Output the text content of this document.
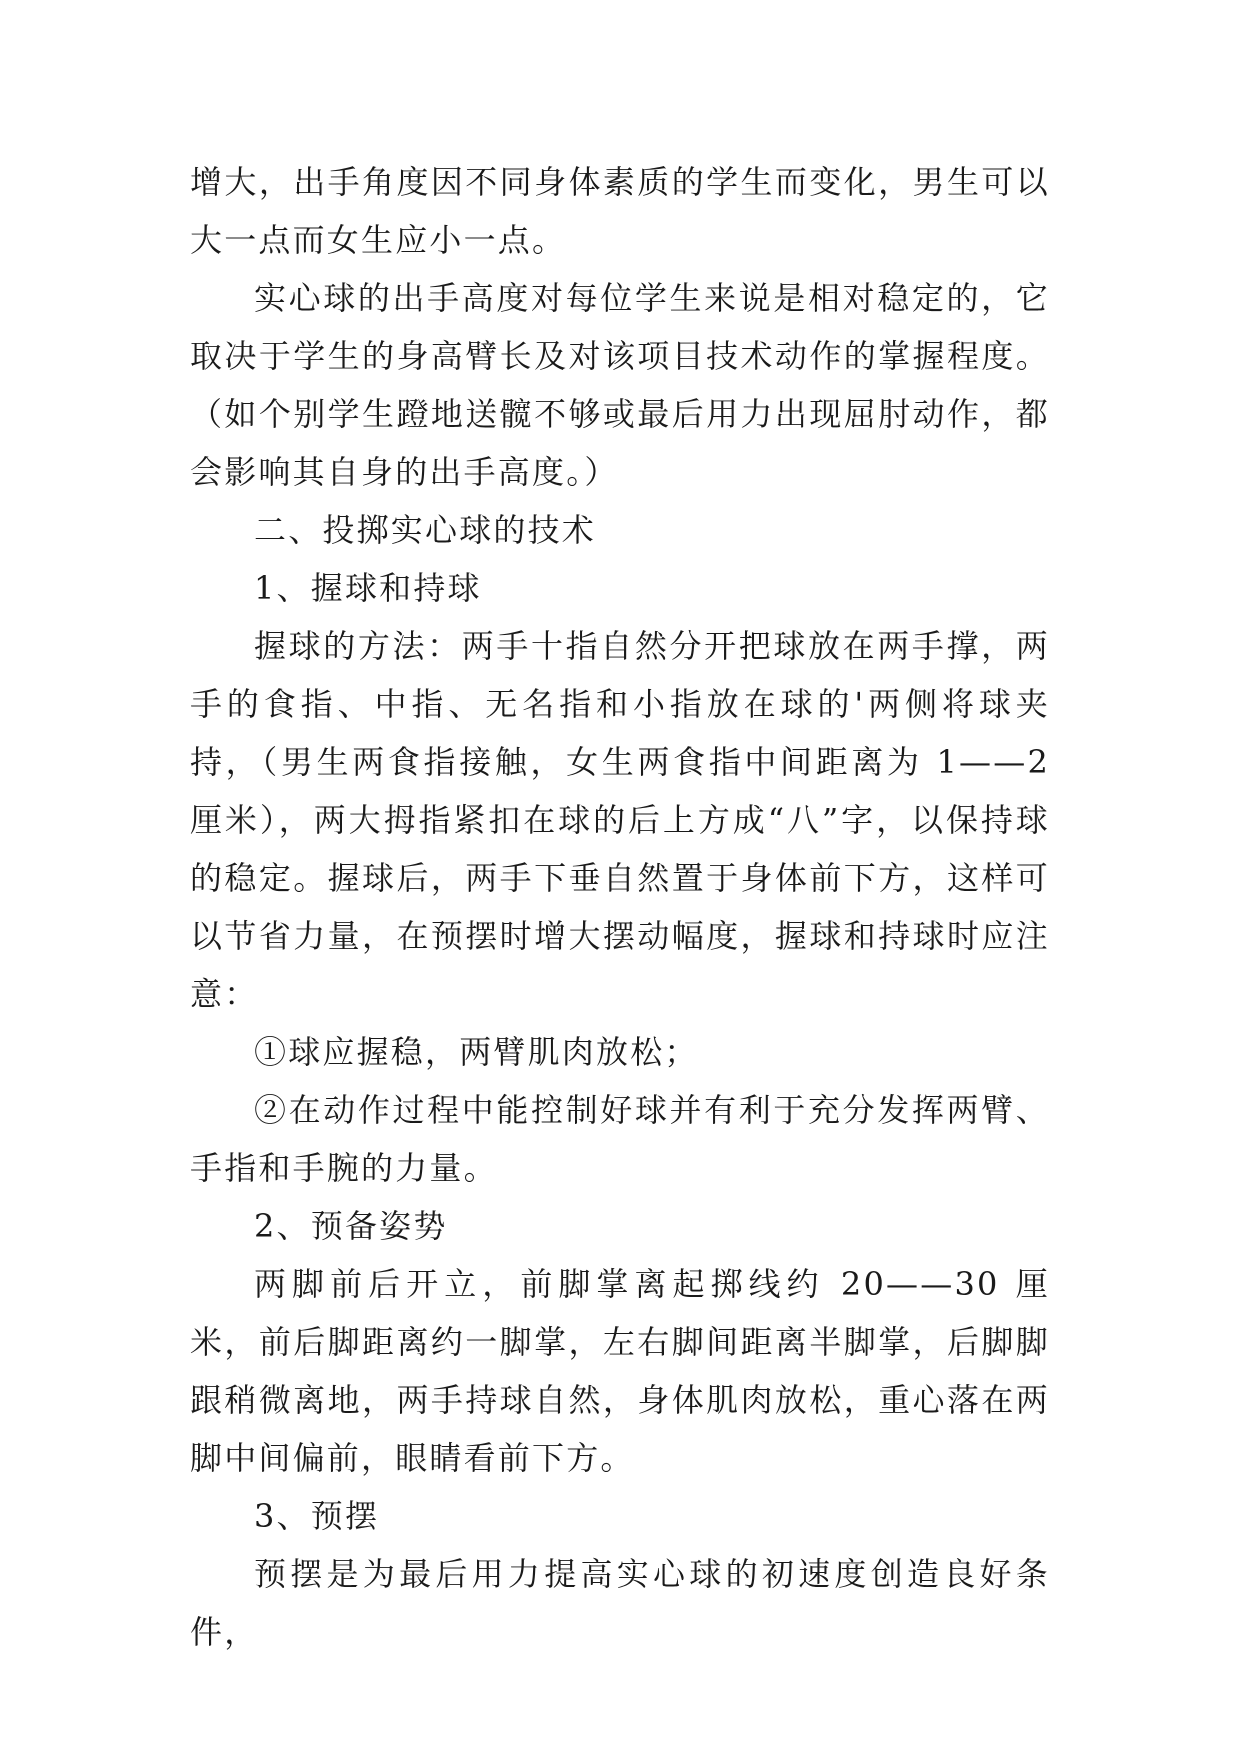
增大，出手角度因不同身体素质的学生而变化，男生可以大一点而女生应小一点。

实心球的出手高度对每位学生来说是相对稳定的，它取决于学生的身高臂长及对该项目技术动作的掌握程度。（如个别学生蹬地送髋不够或最后用力出现屈肘动作，都会影响其自身的出手高度。）

二、投掷实心球的技术

1、握球和持球

握球的方法：两手十指自然分开把球放在两手撑，两手的食指、中指、无名指和小指放在球的'两侧将球夹持，（男生两食指接触，女生两食指中间距离为 1——2 厘米），两大拇指紧扣在球的后上方成“八”字，以保持球的稳定。握球后，两手下垂自然置于身体前下方，这样可以节省力量，在预摆时增大摆动幅度，握球和持球时应注意：

①球应握稳，两臂肌肉放松；

②在动作过程中能控制好球并有利于充分发挥两臂、手指和手腕的力量。

2、预备姿势

两脚前后开立，前脚掌离起掷线约 20——30 厘米，前后脚距离约一脚掌，左右脚间距离半脚掌，后脚脚跟稍微离地，两手持球自然，身体肌肉放松，重心落在两脚中间偏前，眼睛看前下方。

3、预摆

预摆是为最后用力提高实心球的初速度创造良好条件，
